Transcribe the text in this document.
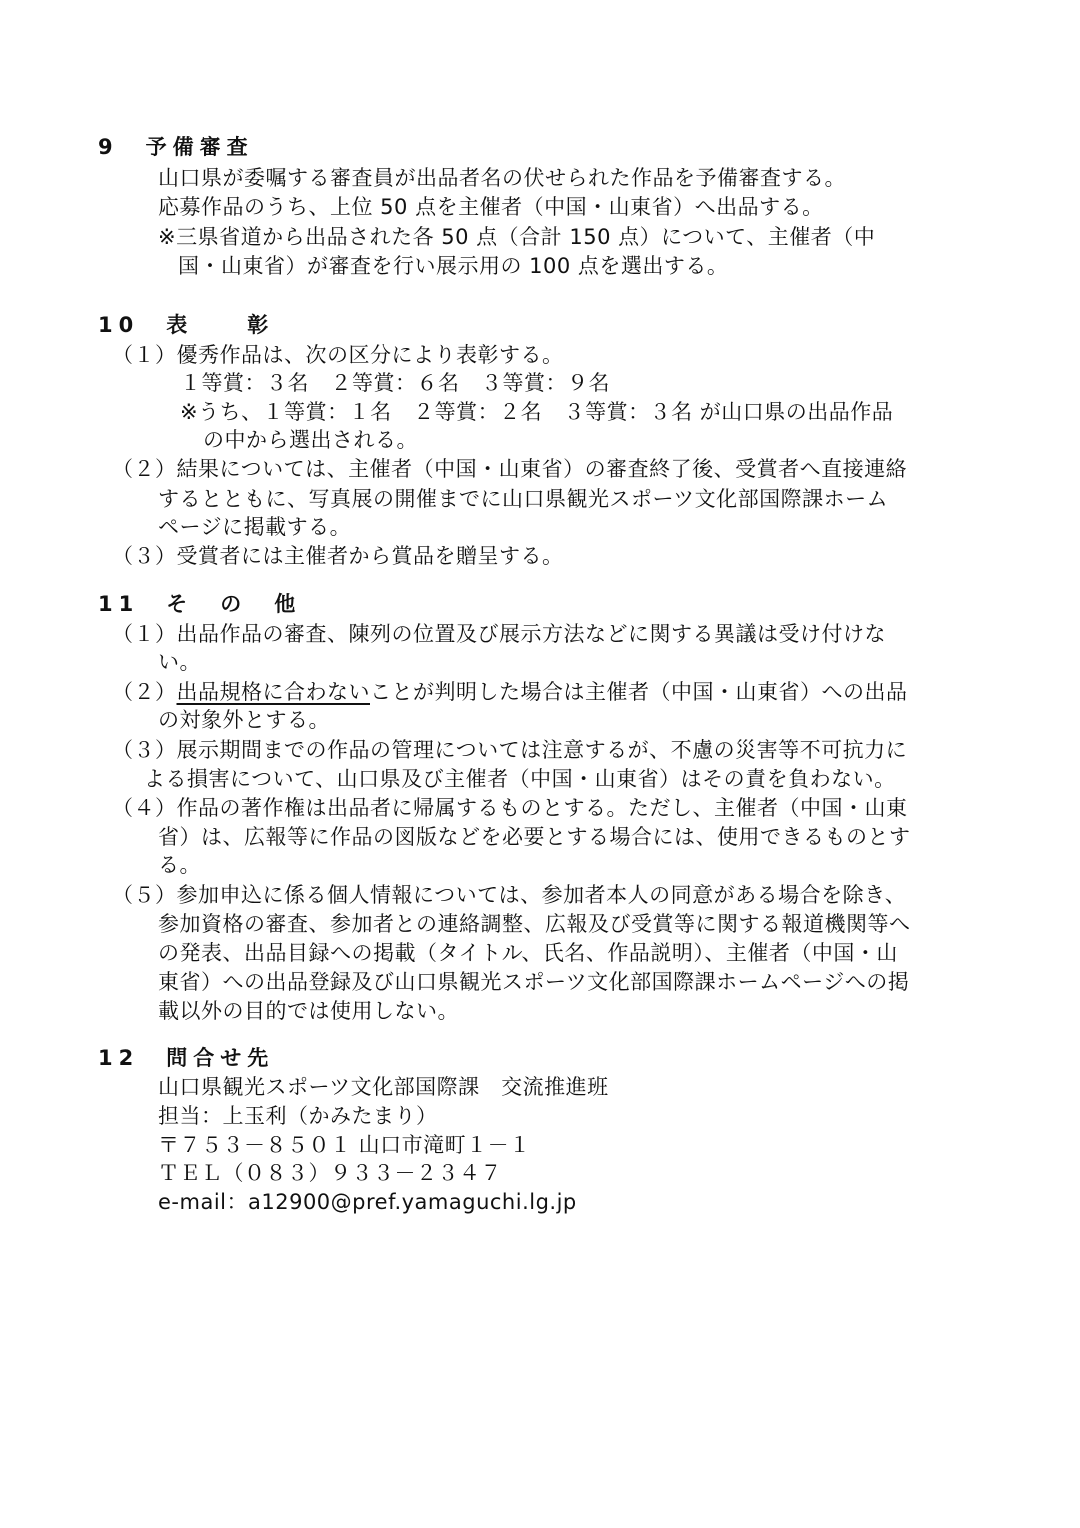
9　予備審査
山口県が委嘱する審査員が出品者名の伏せられた作品を予備審査する。
応募作品のうち、上位 50 点を主催者（中国・山東省）へ出品する。
※三県省道から出品された各 50 点（合計 150 点）について、主催者（中
国・山東省）が審査を行い展示用の 100 点を選出する。
10　表　　彰
（１）優秀作品は、次の区分により表彰する。
１等賞：３名　２等賞：６名　３等賞：９名
※うち、１等賞：１名　２等賞：２名　３等賞：３名 が山口県の出品作品
の中から選出される。
（２）結果については、主催者（中国・山東省）の審査終了後、受賞者へ直接連絡
するとともに、写真展の開催までに山口県観光スポーツ文化部国際課ホーム
ページに掲載する。
（３）受賞者には主催者から賞品を贈呈する。
11　そ　の　他
（１）出品作品の審査、陳列の位置及び展示方法などに関する異議は受け付けな
い。
（２）出品規格に合わないことが判明した場合は主催者（中国・山東省）への出品
の対象外とする。
（３）展示期間までの作品の管理については注意するが、不慮の災害等不可抗力に
よる損害について、山口県及び主催者（中国・山東省）はその責を負わない。
（４）作品の著作権は出品者に帰属するものとする。ただし、主催者（中国・山東
省）は、広報等に作品の図版などを必要とする場合には、使用できるものとす
る。
（５）参加申込に係る個人情報については、参加者本人の同意がある場合を除き、
参加資格の審査、参加者との連絡調整、広報及び受賞等に関する報道機関等へ
の発表、出品目録への掲載（タイトル、氏名、作品説明）、主催者（中国・山
東省）への出品登録及び山口県観光スポーツ文化部国際課ホームページへの掲
載以外の目的では使用しない。
12　問合せ先
山口県観光スポーツ文化部国際課　交流推進班
担当：上玉利（かみたまり）
〒７５３－８５０１ 山口市滝町１－１
ＴＥＬ（０８３）９３３－２３４７
e-mail：a12900@pref.yamaguchi.lg.jp
